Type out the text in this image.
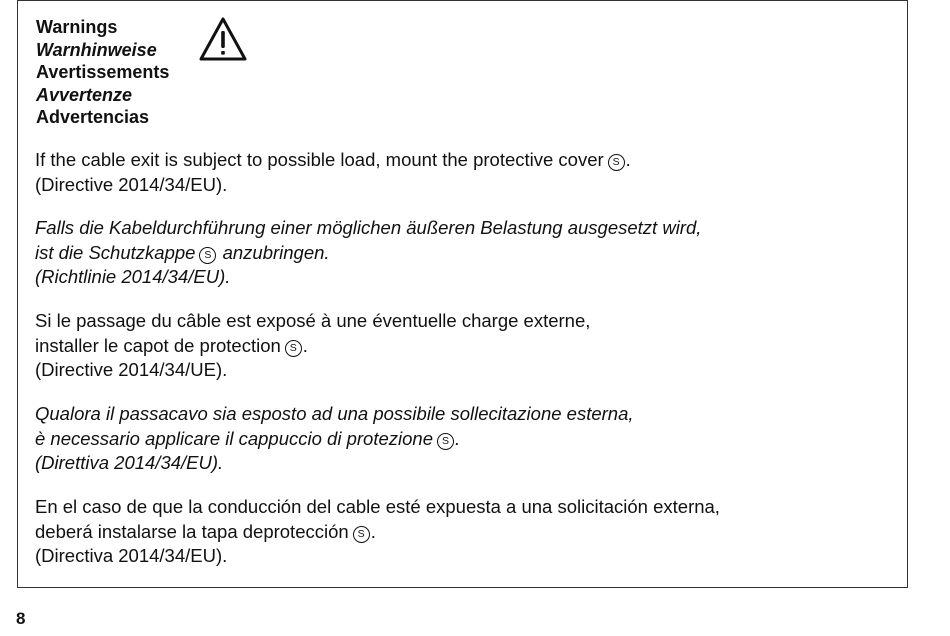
Warnings
Warnhinweise
Avertissements
Avvertenze
Advertencias
If the cable exit is subject to possible load, mount the protective cover S .
(Directive 2014/34/EU).
Falls die Kabeldurchführung einer möglichen äußeren Belastung ausgesetzt wird,
ist die Schutzkappe S anzubringen.
(Richtlinie 2014/34/EU).
Si le passage du câble est exposé à une éventuelle charge externe,
installer le capot de protection S .
(Directive 2014/34/UE).
Qualora il passacavo sia esposto ad una possibile sollecitazione esterna,
è necessario applicare il cappuccio di protezione S .
(Direttiva 2014/34/EU).
En el caso de que la conducción del cable esté expuesta a una solicitación externa,
deberá instalarse la tapa deprotección S .
(Directiva 2014/34/EU).
8
